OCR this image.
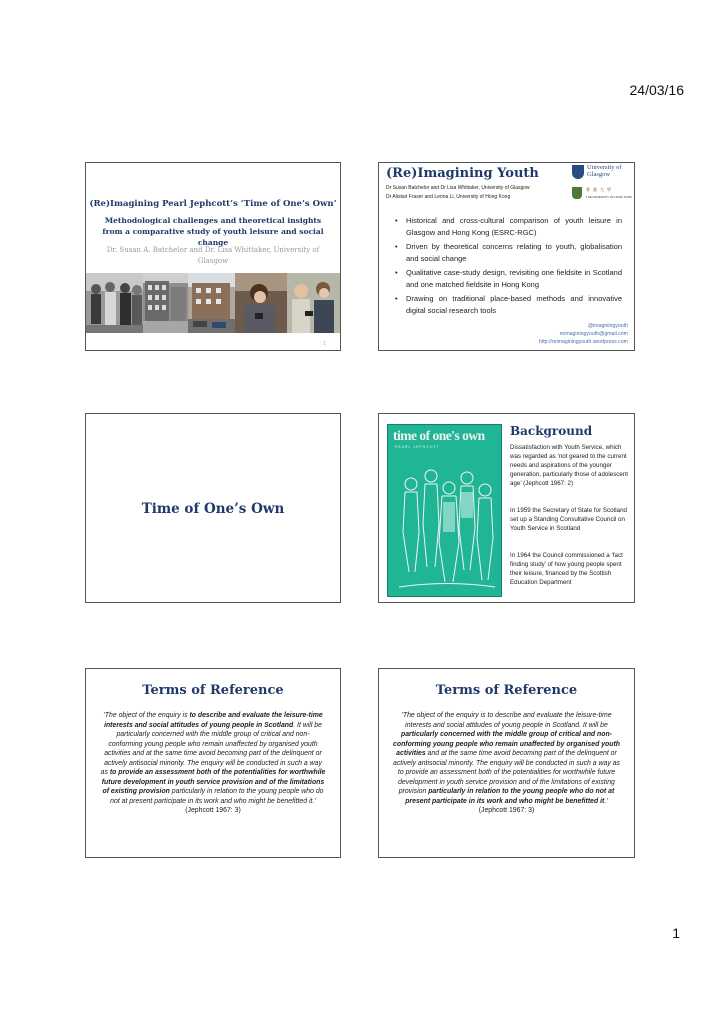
24/03/16
(Re)Imagining Pearl Jephcott’s ‘Time of One’s Own’
Methodological challenges and theoretical insights from a comparative study of youth leisure and social change
Dr. Susan A. Batchelor and Dr. Lisa Whittaker, University of Glasgow
1
(Re)Imagining Youth
Dr Susan Batchelor and Dr Lisa Whittaker, University of Glasgow
Dr Alistair Fraser and Leona Li, University of Hong Kong
University of Glasgow
香港大學
THE UNIVERSITY OF HONG KONG
• Historical and cross-cultural comparison of youth leisure in Glasgow and Hong Kong (ESRC-RGC)
• Driven by theoretical concerns relating to youth, globalisation and social change
• Qualitative case-study design, revisiting one fieldsite in Scotland and one matched fieldsite in Hong Kong
• Drawing on traditional place-based methods and innovative digital social research tools
@imaginingyouth
reimaginingyouth@gmail.com
http://reimaginingyouth.wordpress.com
Time of One’s Own
time of one's own
PEARL JEPHCOTT
Background

Dissatisfaction with Youth Service, which was regarded as ‘not geared to the current needs and aspirations of the younger generation, particularly those of adolescent age’ (Jephcott 1967: 2)

In 1959 the Secretary of State for Scotland set up a Standing Consultative Council on Youth Service in Scotland

In 1964 the Council commissioned a ‘fact finding study’ of how young people spent their leisure, financed by the Scottish Education Department

Terms of Reference
‘The object of the enquiry is to describe and evaluate the leisure-time interests and social attitudes of young people in Scotland. It will be particularly concerned with the middle group of critical and non-conforming young people who remain unaffected by organised youth activities and at the same time avoid becoming part of the delinquent or actively antisocial minority. The enquiry will be conducted in such a way as to provide an assessment both of the potentialities for worthwhile future development in youth service provision and of the limitations of existing provision particularly in relation to the young people who do not at present participate in its work and who might be benefitted it.’ (Jephcott 1967: 3)
Terms of Reference
‘The object of the enquiry is to describe and evaluate the leisure-time interests and social attitudes of young people in Scotland. It will be particularly concerned with the middle group of critical and non-conforming young people who remain unaffected by organised youth activities and at the same time avoid becoming part of the delinquent or actively antisocial minority. The enquiry will be conducted in such a way as to provide an assessment both of the potentialities for worthwhile future development in youth service provision and of the limitations of existing provision particularly in relation to the young people who do not at present participate in its work and who might be benefitted it.’ (Jephcott 1967: 3)
1
